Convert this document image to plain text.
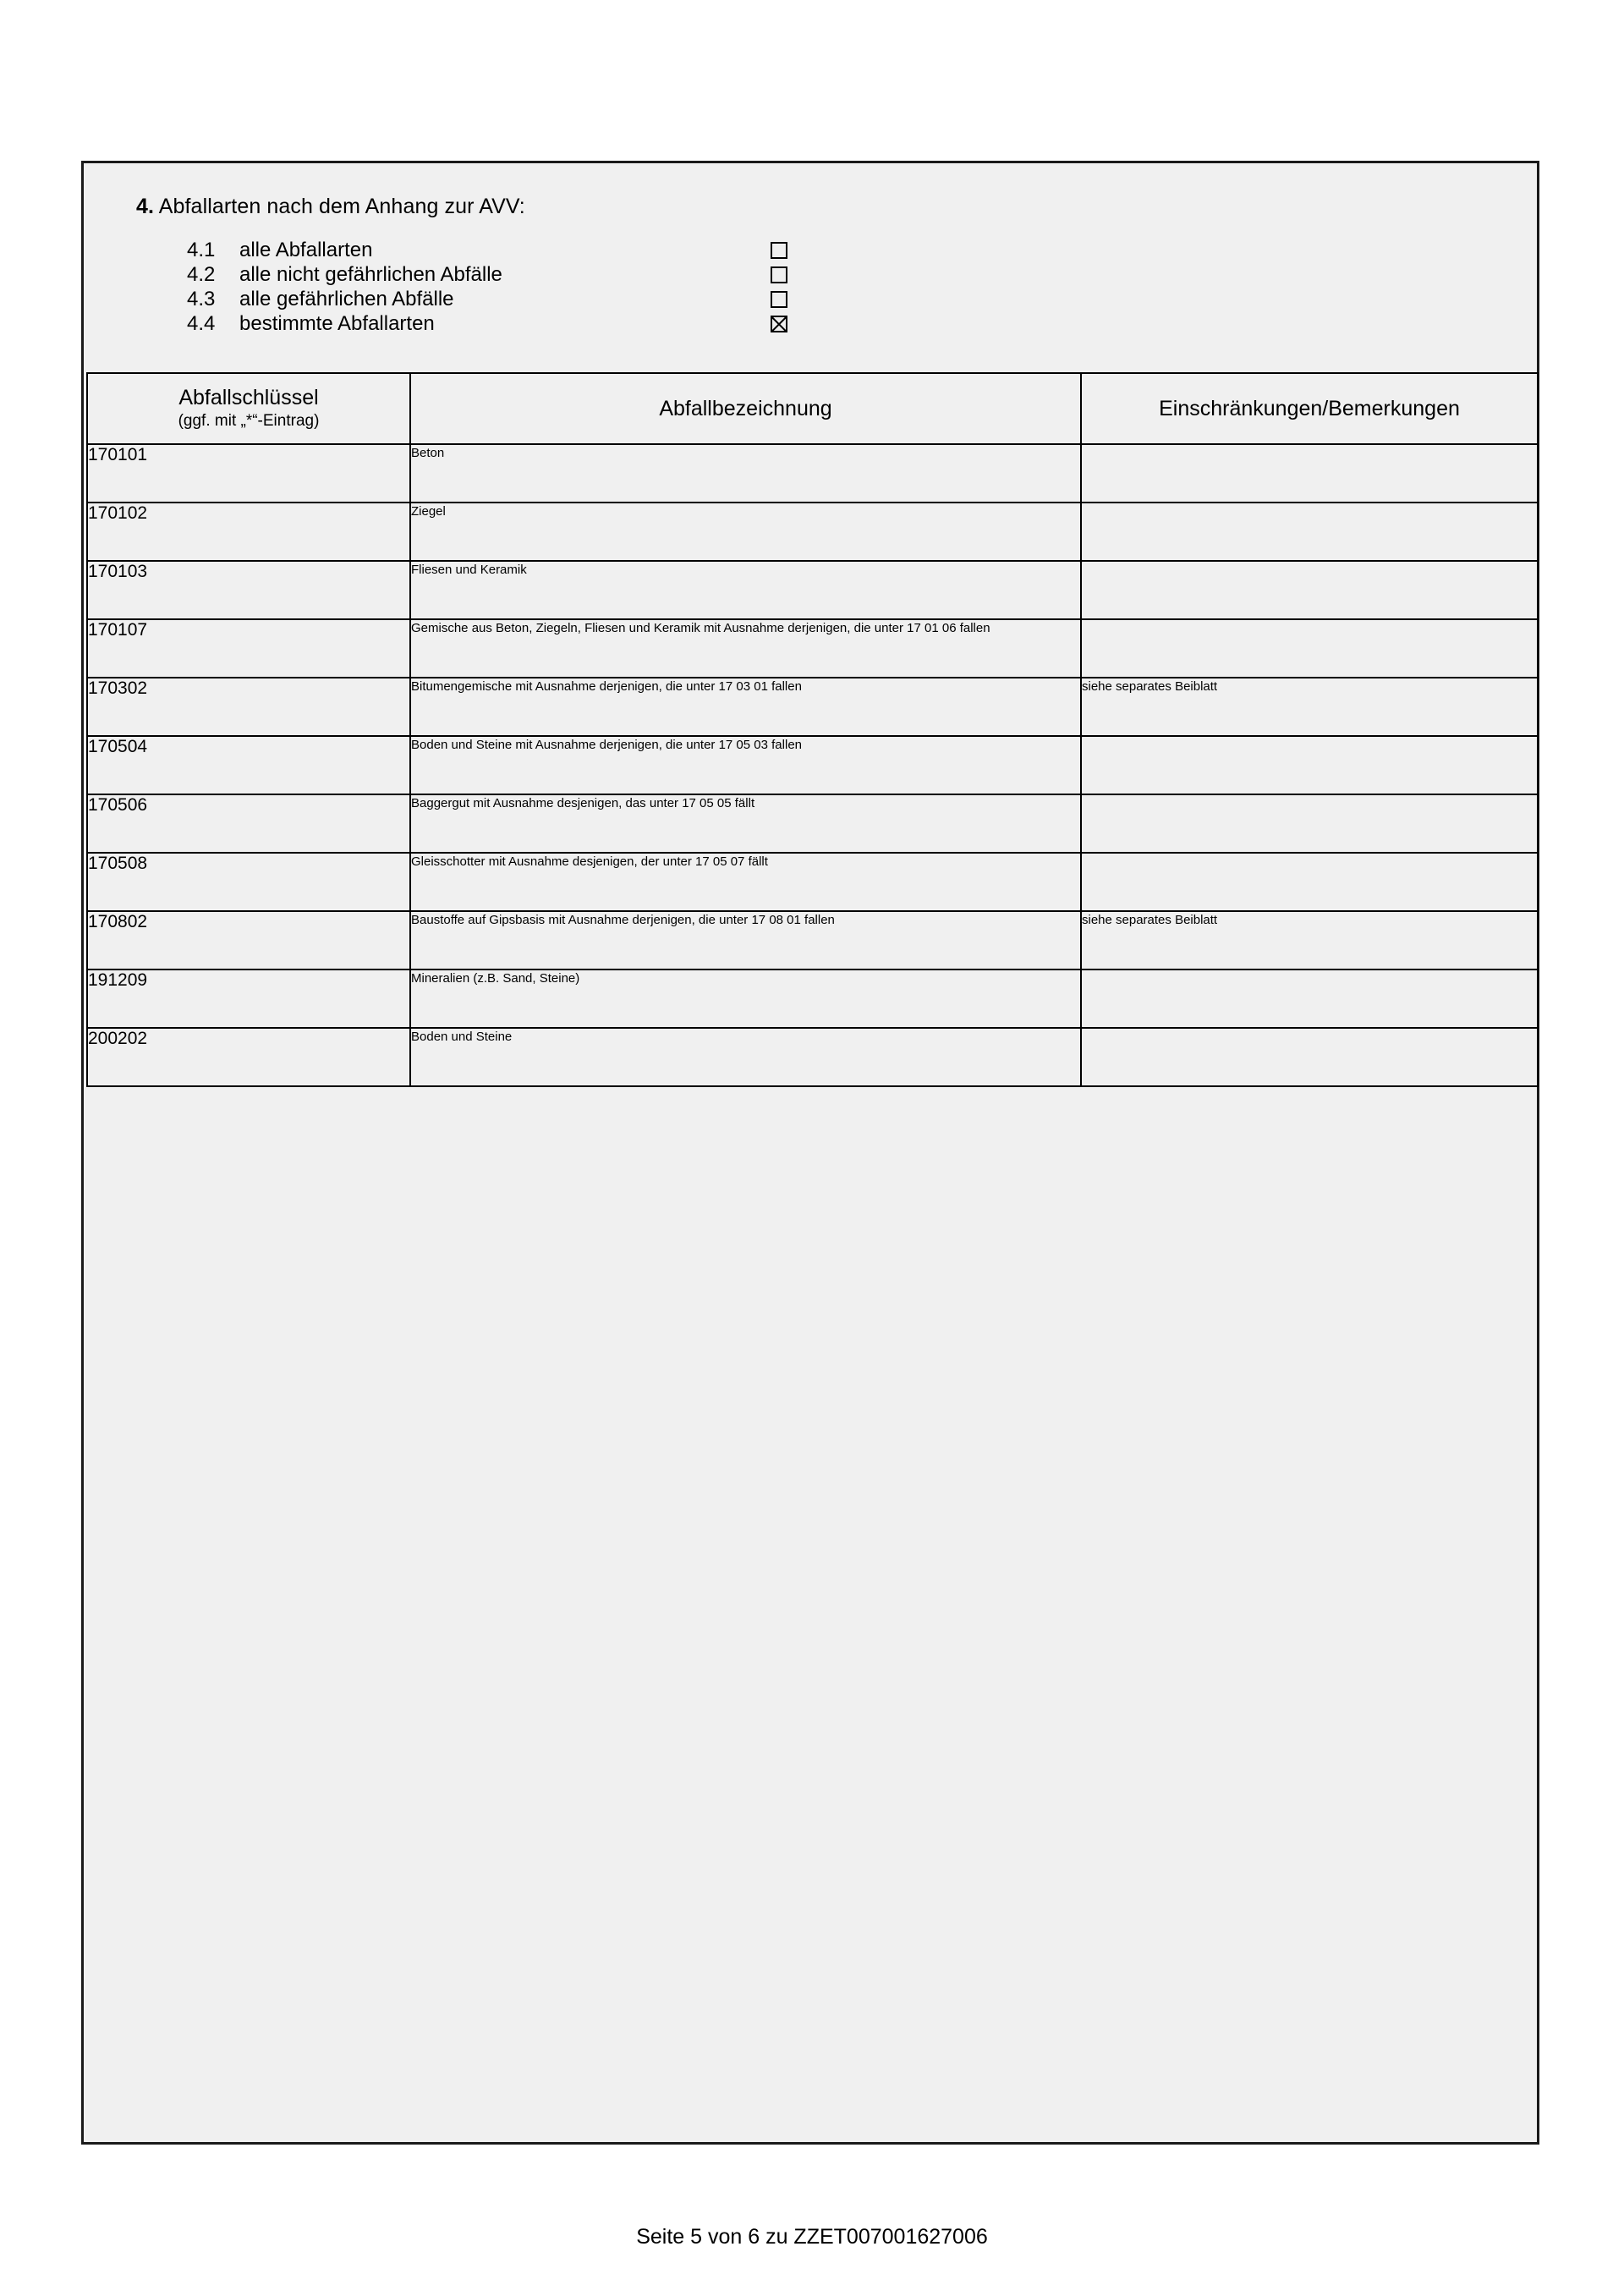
4. Abfallarten nach dem Anhang zur AVV:
4.1	alle Abfallarten
4.2	alle nicht gefährlichen Abfälle
4.3	alle gefährlichen Abfälle
4.4	bestimmte Abfallarten
Abfallschlüssel
(ggf. mit „*“-Eintrag)	Abfallbezeichnung	Einschränkungen/Bemerkungen
170101	Beton	
170102	Ziegel	
170103	Fliesen und Keramik	
170107	Gemische aus Beton, Ziegeln, Fliesen und Keramik mit Ausnahme derjenigen, die unter 17 01 06 fallen	
170302	Bitumengemische mit Ausnahme derjenigen, die unter 17 03 01 fallen	siehe separates Beiblatt
170504	Boden und Steine mit Ausnahme derjenigen, die unter 17 05 03 fallen	
170506	Baggergut mit Ausnahme desjenigen, das unter 17 05 05 fällt	
170508	Gleisschotter mit Ausnahme desjenigen, der unter 17 05 07 fällt	
170802	Baustoffe auf Gipsbasis mit Ausnahme derjenigen, die unter 17 08 01 fallen	siehe separates Beiblatt
191209	Mineralien (z.B. Sand, Steine)	
200202	Boden und Steine	
Seite 5 von 6 zu ZZET007001627006
